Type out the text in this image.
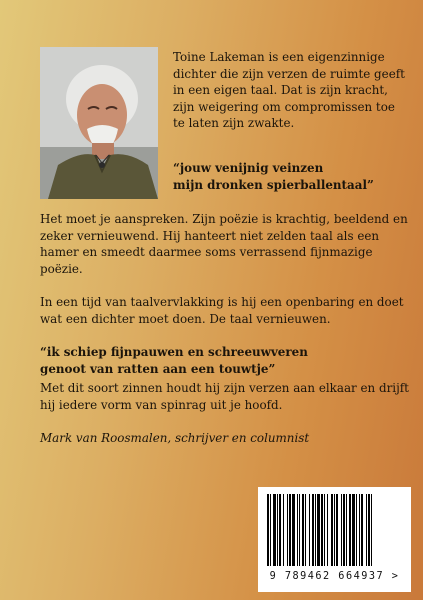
Toine Lakeman is een eigenzinnige dichter die zijn verzen de ruimte geeft in een eigen taal. Dat is zijn kracht, zijn weigering om compromissen toe te laten zijn zwakte.

“jouw venijnig veinzen
mijn dronken spierballentaal”

Het moet je aanspreken. Zijn poëzie is krachtig, beeldend en zeker vernieuwend. Hij hanteert niet zelden taal als een hamer en smeedt daarmee soms verrassend fijnmazige poëzie.

In een tijd van taalvervlakking is hij een openbaring en doet wat een dichter moet doen. De taal vernieuwen.

“ik schiep fijnpauwen en schreeuwveren
genoot van ratten aan een touwtje”

Met dit soort zinnen houdt hij zijn verzen aan elkaar en drijft hij iedere vorm van spinrag uit je hoofd.

Mark van Roosmalen, schrijver en columnist

9 789462 664937 >
